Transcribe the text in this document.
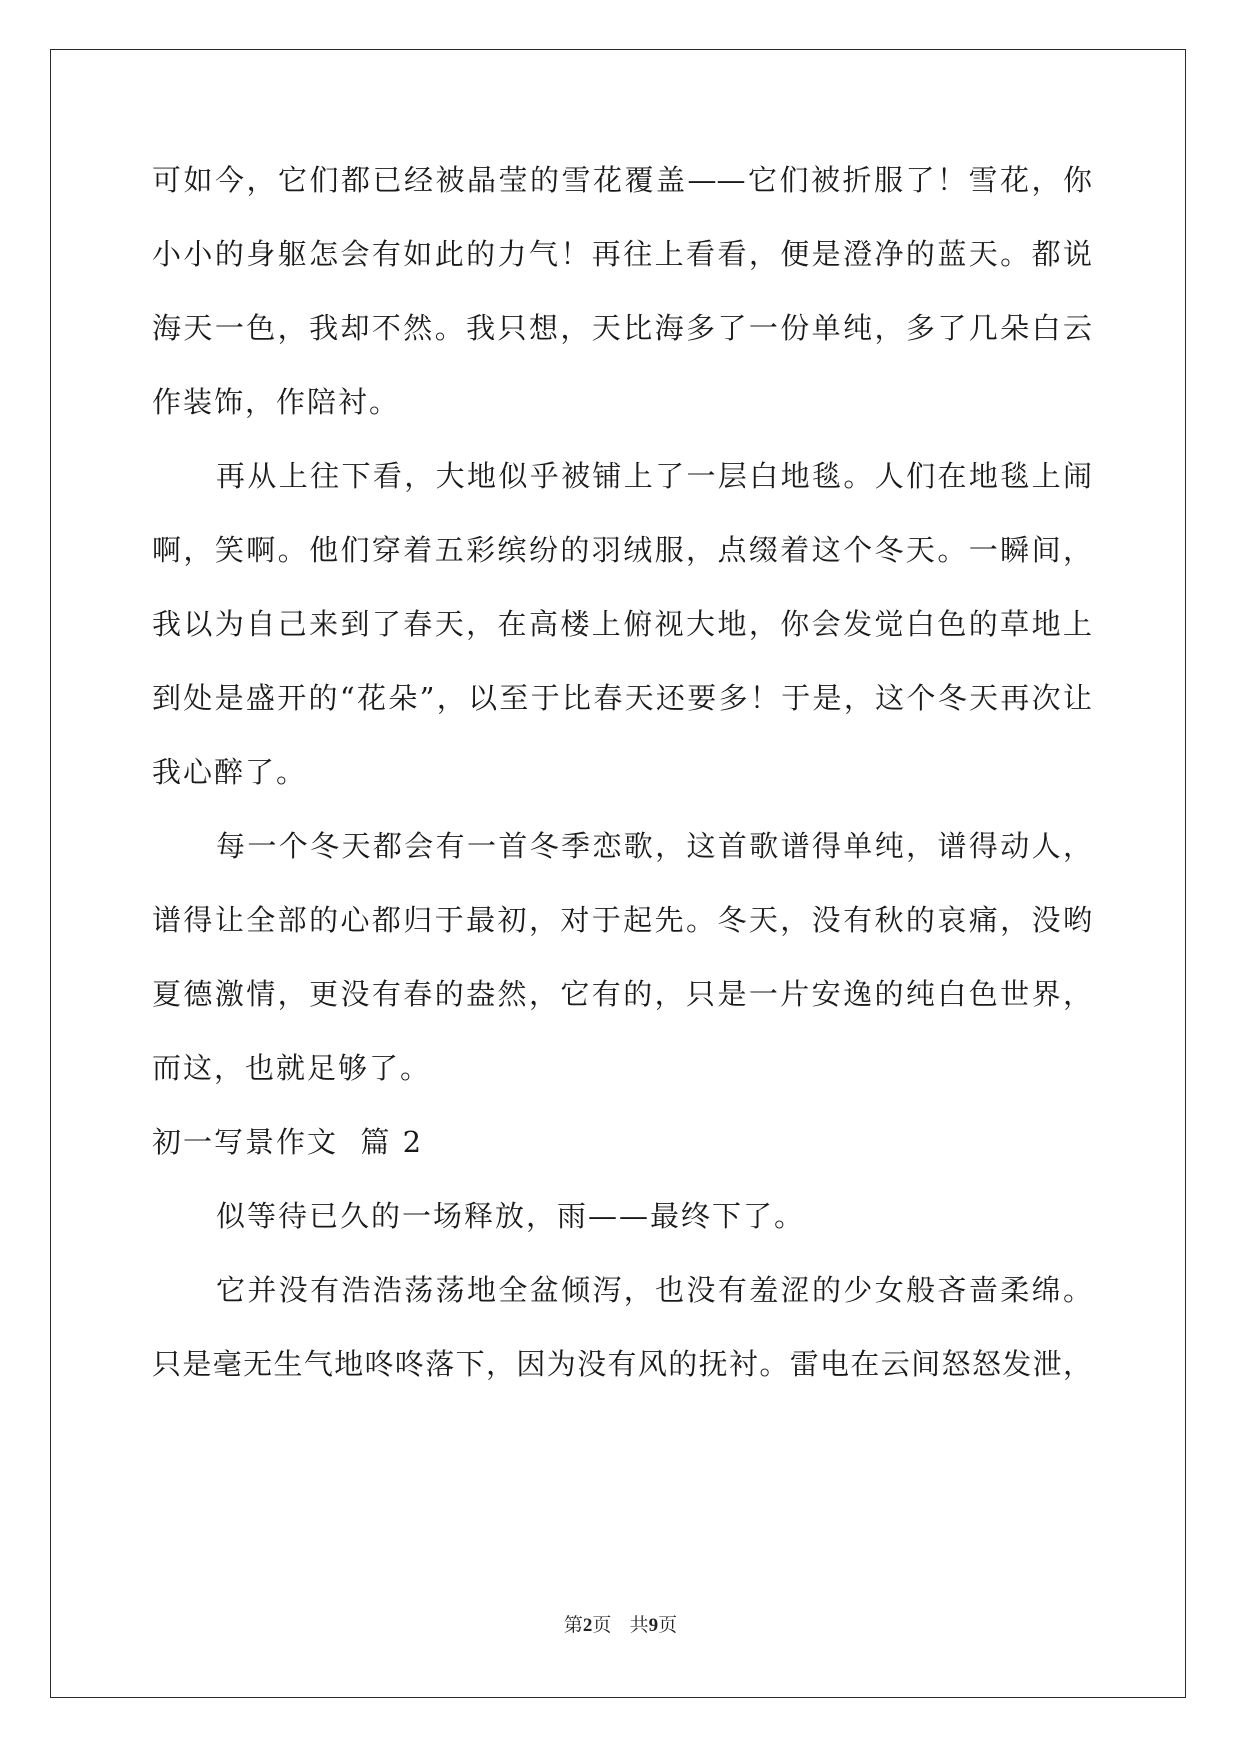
可如今，它们都已经被晶莹的雪花覆盖——它们被折服了！雪花，你
小小的身躯怎会有如此的力气！再往上看看，便是澄净的蓝天。都说
海天一色，我却不然。我只想，天比海多了一份单纯，多了几朵白云
作装饰，作陪衬。
再从上往下看，大地似乎被铺上了一层白地毯。人们在地毯上闹
啊，笑啊。他们穿着五彩缤纷的羽绒服，点缀着这个冬天。一瞬间，
我以为自己来到了春天，在高楼上俯视大地，你会发觉白色的草地上
到处是盛开的“花朵”，以至于比春天还要多！于是，这个冬天再次让
我心醉了。
每一个冬天都会有一首冬季恋歌，这首歌谱得单纯，谱得动人，
谱得让全部的心都归于最初，对于起先。冬天，没有秋的哀痛，没哟
夏德激情，更没有春的盎然，它有的，只是一片安逸的纯白色世界，
而这，也就足够了。
初一写景作文  篇 2
似等待已久的一场释放，雨——最终下了。
它并没有浩浩荡荡地全盆倾泻，也没有羞涩的少女般吝啬柔绵。
只是毫无生气地咚咚落下，因为没有风的抚衬。雷电在云间怒怒发泄，
第2页 共9页
